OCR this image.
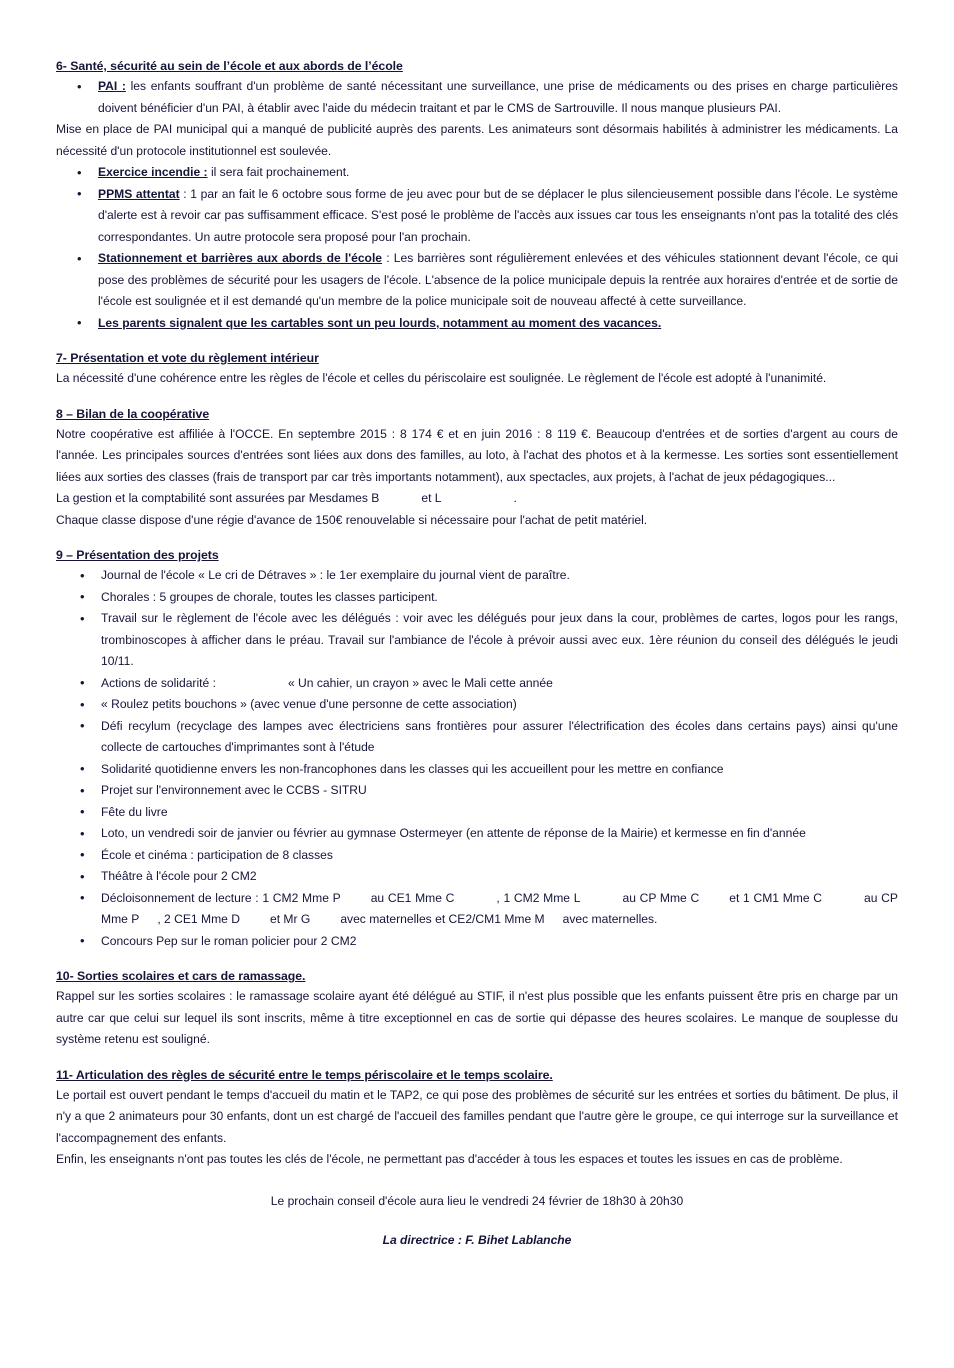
6- Santé, sécurité au sein de l’école et aux abords de l’école
• PAI : les enfants souffrant d'un problème de santé nécessitant une surveillance, une prise de médicaments ou des prises en charge particulières doivent bénéficier d'un PAI, à établir avec l'aide du médecin traitant et par le CMS de Sartrouville. Il nous manque plusieurs PAI.

Mise en place de PAI municipal qui a manqué de publicité auprès des parents. Les animateurs sont désormais habilités à administrer les médicaments. La nécessité d'un protocole institutionnel est soulevée.

• Exercice incendie : il sera fait prochainement.
• PPMS attentat : 1 par an fait le 6 octobre sous forme de jeu avec pour but de se déplacer le plus silencieusement possible dans l'école. Le système d'alerte est à revoir car pas suffisamment efficace. S'est posé le problème de l'accès aux issues car tous les enseignants n'ont pas la totalité des clés correspondantes. Un autre protocole sera proposé pour l'an prochain.
• Stationnement et barrières aux abords de l'école : Les barrières sont régulièrement enlevées et des véhicules stationnent devant l'école, ce qui pose des problèmes de sécurité pour les usagers de l'école. L'absence de la police municipale depuis la rentrée aux horaires d'entrée et de sortie de l'école est soulignée et il est demandé qu'un membre de la police municipale soit de nouveau affecté à cette surveillance.
• Les parents signalent que les cartables sont un peu lourds, notamment au moment des vacances.
7- Présentation et vote du règlement intérieur

La nécessité d'une cohérence entre les règles de l'école et celles du périscolaire est soulignée. Le règlement de l'école est adopté à l'unanimité.

8 – Bilan de la coopérative

Notre coopérative est affiliée à l'OCCE. En septembre 2015 : 8 174 € et en juin 2016 : 8 119 €. Beaucoup d'entrées et de sorties d'argent au cours de l'année. Les principales sources d'entrées sont liées aux dons des familles, au loto, à l'achat des photos et à la kermesse. Les sorties sont essentiellement liées aux sorties des classes (frais de transport par car très importants notamment), aux spectacles, aux projets, à l'achat de jeux pédagogiques...

La gestion et la comptabilité sont assurées par Mesdames B	et L	.

Chaque classe dispose d'une régie d'avance de 150€ renouvelable si nécessaire pour l'achat de petit matériel.

9 – Présentation des projets
• Journal de l'école « Le cri de Détraves » : le 1er exemplaire du journal vient de paraître.
• Chorales : 5 groupes de chorale, toutes les classes participent.
• Travail sur le règlement de l'école avec les délégués : voir avec les délégués pour jeux dans la cour, problèmes de cartes, logos pour les rangs, trombinoscopes à afficher dans le préau. Travail sur l'ambiance de l'école à prévoir aussi avec eux. 1ère réunion du conseil des délégués le jeudi 10/11.
• Actions de solidarité :	« Un cahier, un crayon » avec le Mali cette année
• « Roulez petits bouchons » (avec venue d'une personne de cette association)
• Défi recylum (recyclage des lampes avec électriciens sans frontières pour assurer l'électrification des écoles dans certains pays) ainsi qu'une collecte de cartouches d'imprimantes sont à l'étude
• Solidarité quotidienne envers les non-francophones dans les classes qui les accueillent pour les mettre en confiance
• Projet sur l'environnement avec le CCBS - SITRU
• Fête du livre
• Loto, un vendredi soir de janvier ou février au gymnase Ostermeyer (en attente de réponse de la Mairie) et kermesse en fin d'année
• École et cinéma : participation de 8 classes
• Théâtre à l'école pour 2 CM2
• Décloisonnement de lecture : 1 CM2 Mme P au CE1 Mme C	, 1 CM2 Mme L	au CP Mme C et 1 CM1 Mme C	au CP Mme P , 2 CE1 Mme D et Mr G avec maternelles et CE2/CM1 Mme M avec maternelles.
• Concours Pep sur le roman policier pour 2 CM2
10- Sorties scolaires et cars de ramassage.

Rappel sur les sorties scolaires : le ramassage scolaire ayant été délégué au STIF, il n'est plus possible que les enfants puissent être pris en charge par un autre car que celui sur lequel ils sont inscrits, même à titre exceptionnel en cas de sortie qui dépasse des heures scolaires. Le manque de souplesse du système retenu est souligné.

11- Articulation des règles de sécurité entre le temps périscolaire et le temps scolaire.

Le portail est ouvert pendant le temps d'accueil du matin et le TAP2, ce qui pose des problèmes de sécurité sur les entrées et sorties du bâtiment. De plus, il n'y a que 2 animateurs pour 30 enfants, dont un est chargé de l'accueil des familles pendant que l'autre gère le groupe, ce qui interroge sur la surveillance et l'accompagnement des enfants.

Enfin, les enseignants n'ont pas toutes les clés de l'école, ne permettant pas d'accéder à tous les espaces et toutes les issues en cas de problème.

Le prochain conseil d'école aura lieu le vendredi 24 février de 18h30 à 20h30

La directrice : F. Bihet Lablanche
